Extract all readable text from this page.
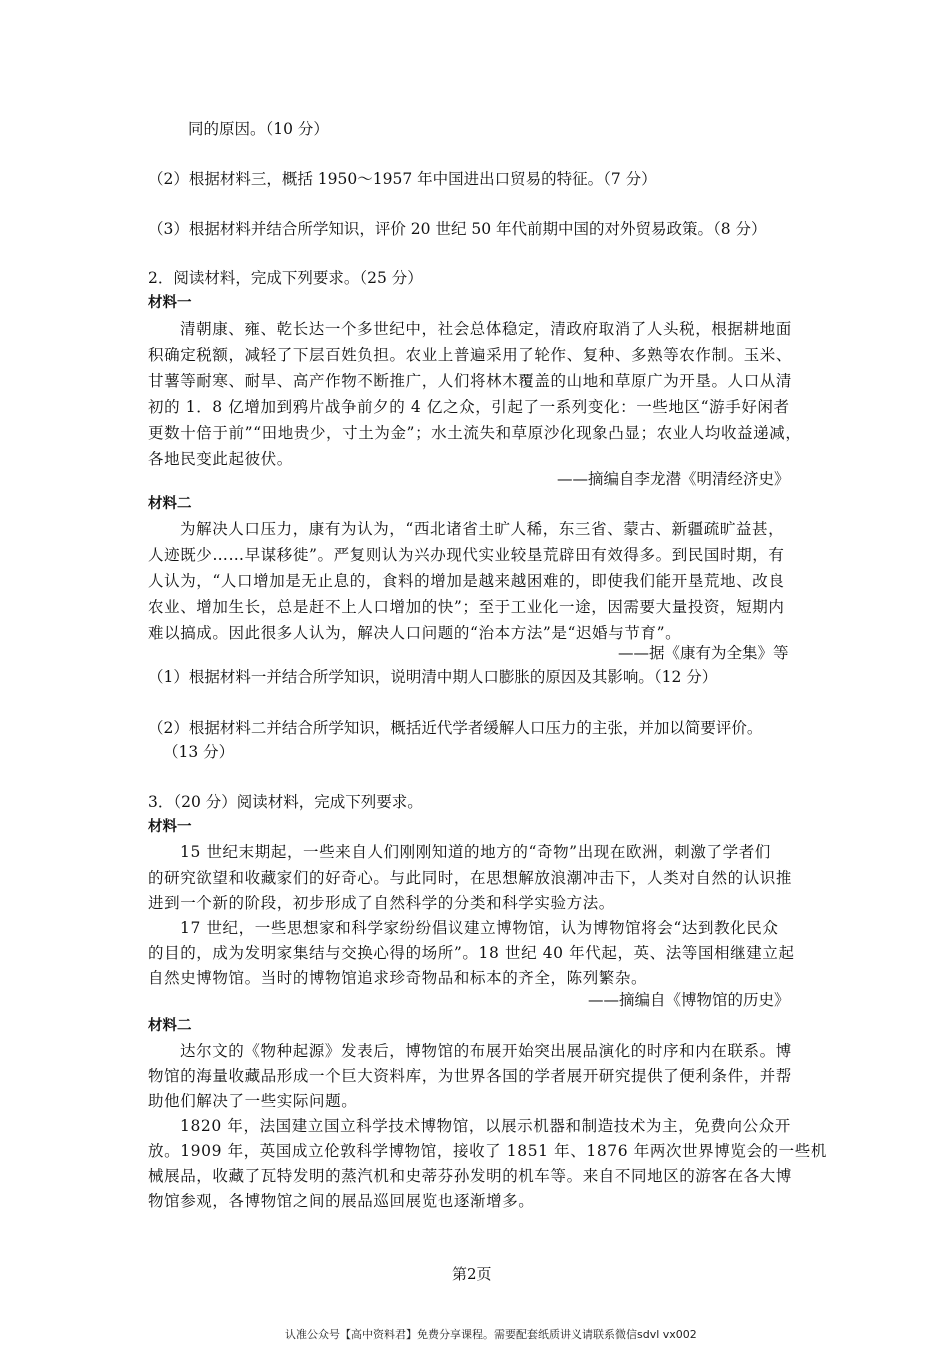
同的原因。（10 分）
（2）根据材料三，概括 1950～1957 年中国进出口贸易的特征。（7 分）
（3）根据材料并结合所学知识，评价 20 世纪 50 年代前期中国的对外贸易政策。（8 分）
2．阅读材料，完成下列要求。（25 分）
材料一
清朝康、雍、乾长达一个多世纪中，社会总体稳定，清政府取消了人头税，根据耕地面
积确定税额，减轻了下层百姓负担。农业上普遍采用了轮作、复种、多熟等农作制。玉米、
甘薯等耐寒、耐旱、高产作物不断推广，人们将林木覆盖的山地和草原广为开垦。人口从清
初的 1．8 亿增加到鸦片战争前夕的 4 亿之众，引起了一系列变化：一些地区“游手好闲者
更数十倍于前”“田地贵少，寸土为金”；水土流失和草原沙化现象凸显；农业人均收益递减，
各地民变此起彼伏。
——摘编自李龙潜《明清经济史》
材料二
为解决人口压力，康有为认为，“西北诸省土旷人稀，东三省、蒙古、新疆疏旷益甚，
人迹既少……早谋移徙”。严复则认为兴办现代实业较垦荒辟田有效得多。到民国时期，有
人认为，“人口增加是无止息的，食料的增加是越来越困难的，即使我们能开垦荒地、改良
农业、增加生长，总是赶不上人口增加的快”；至于工业化一途，因需要大量投资，短期内
难以搞成。因此很多人认为，解决人口问题的“治本方法”是“迟婚与节育”。
——据《康有为全集》等
（1）根据材料一并结合所学知识，说明清中期人口膨胀的原因及其影响。（12 分）
（2）根据材料二并结合所学知识，概括近代学者缓解人口压力的主张，并加以简要评价。
（13 分）
3．（20 分）阅读材料，完成下列要求。
材料一
15 世纪末期起，一些来自人们刚刚知道的地方的“奇物”出现在欧洲，刺激了学者们
的研究欲望和收藏家们的好奇心。与此同时，在思想解放浪潮冲击下，人类对自然的认识推
进到一个新的阶段，初步形成了自然科学的分类和科学实验方法。
17 世纪，一些思想家和科学家纷纷倡议建立博物馆，认为博物馆将会“达到教化民众
的目的，成为发明家集结与交换心得的场所”。18 世纪 40 年代起，英、法等国相继建立起
自然史博物馆。当时的博物馆追求珍奇物品和标本的齐全，陈列繁杂。
——摘编自《博物馆的历史》
材料二
达尔文的《物种起源》发表后，博物馆的布展开始突出展品演化的时序和内在联系。博
物馆的海量收藏品形成一个巨大资料库，为世界各国的学者展开研究提供了便利条件，并帮
助他们解决了一些实际问题。
1820 年，法国建立国立科学技术博物馆，以展示机器和制造技术为主，免费向公众开
放。1909 年，英国成立伦敦科学博物馆，接收了 1851 年、1876 年两次世界博览会的一些机
械展品，收藏了瓦特发明的蒸汽机和史蒂芬孙发明的机车等。来自不同地区的游客在各大博
物馆参观，各博物馆之间的展品巡回展览也逐渐增多。
第2页
认准公众号【高中资料君】免费分享课程。需要配套纸质讲义请联系微信sdvl vx002
